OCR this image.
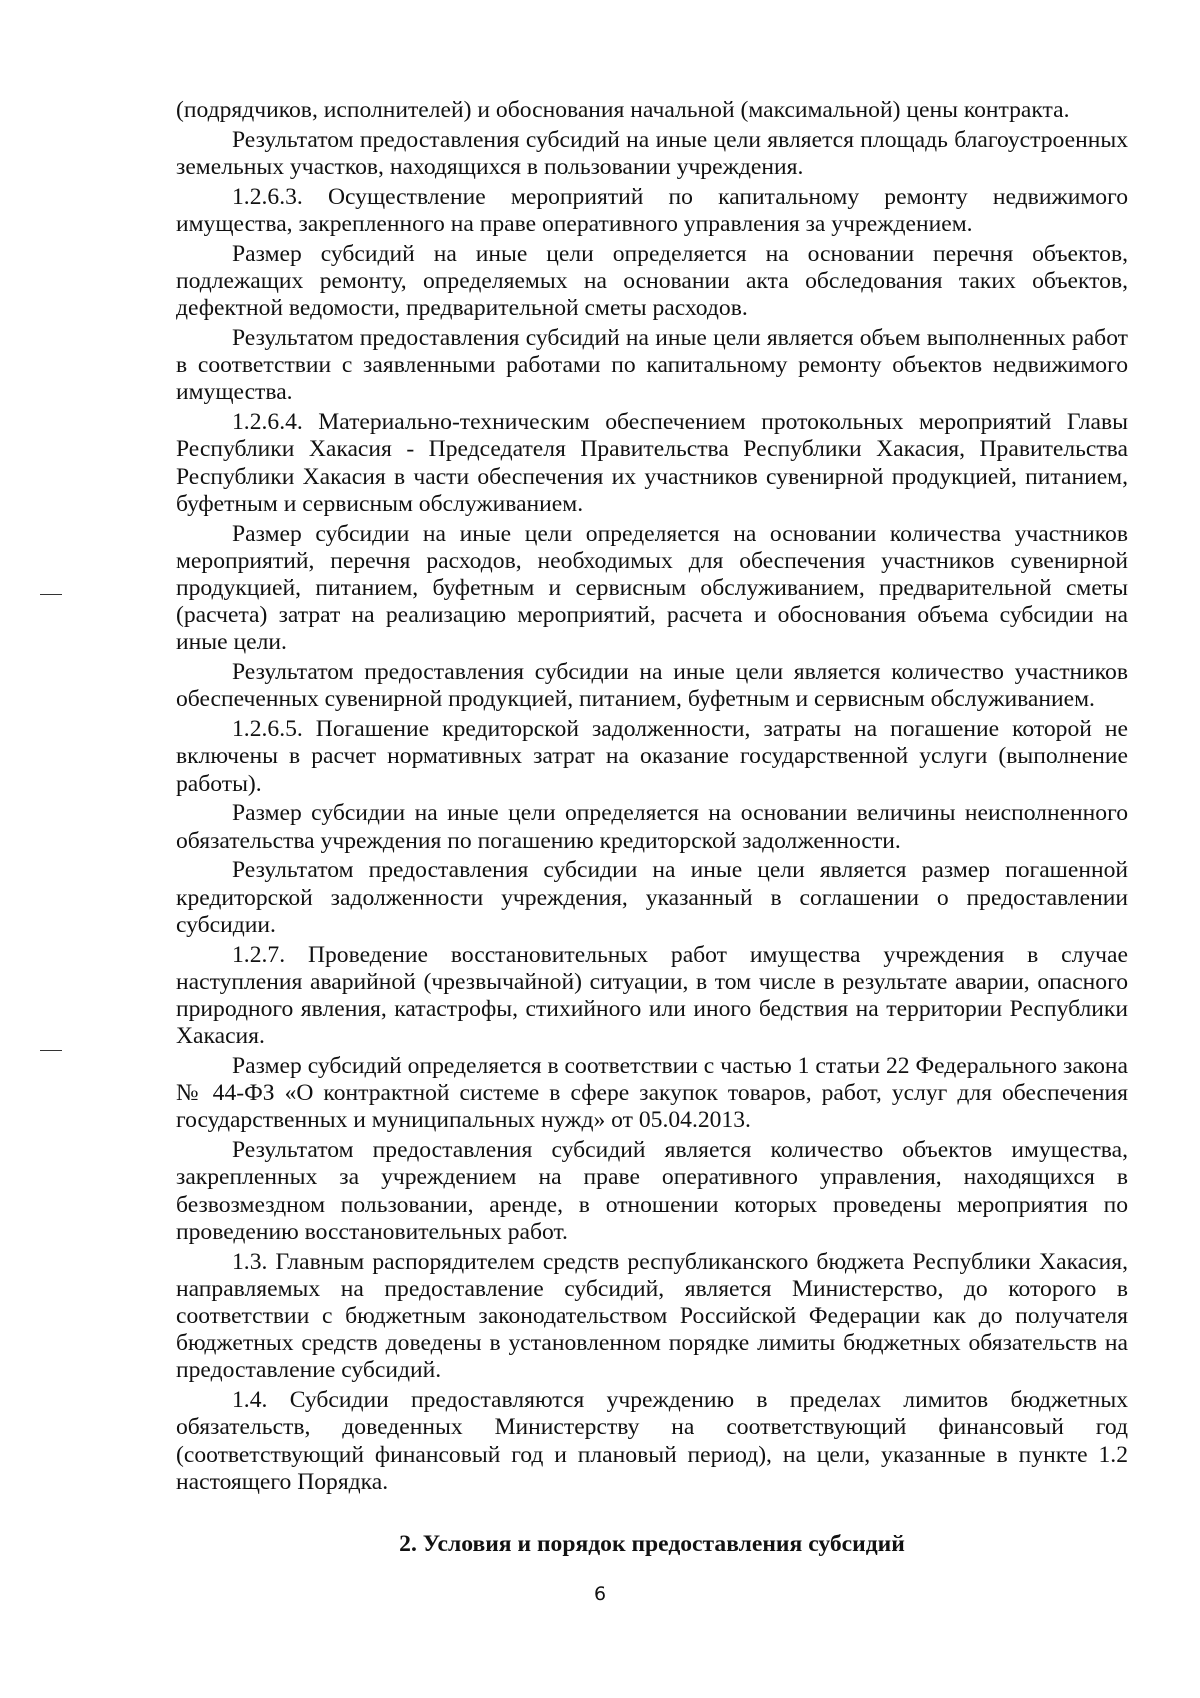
(подрядчиков, исполнителей) и обоснования начальной (максимальной) цены контракта.

Результатом предоставления субсидий на иные цели является площадь благоустроенных земельных участков, находящихся в пользовании учреждения.

1.2.6.3. Осуществление мероприятий по капитальному ремонту недвижимого имущества, закрепленного на праве оперативного управления за учреждением.

Размер субсидий на иные цели определяется на основании перечня объектов, подлежащих ремонту, определяемых на основании акта обследования таких объектов, дефектной ведомости, предварительной сметы расходов.

Результатом предоставления субсидий на иные цели является объем выполненных работ в соответствии с заявленными работами по капитальному ремонту объектов недвижимого имущества.

1.2.6.4. Материально-техническим обеспечением протокольных мероприятий Главы Республики Хакасия - Председателя Правительства Республики Хакасия, Правительства Республики Хакасия в части обеспечения их участников сувенирной продукцией, питанием, буфетным и сервисным обслуживанием.

Размер субсидии на иные цели определяется на основании количества участников мероприятий, перечня расходов, необходимых для обеспечения участников сувенирной продукцией, питанием, буфетным и сервисным обслуживанием, предварительной сметы (расчета) затрат на реализацию мероприятий, расчета и обоснования объема субсидии на иные цели.

Результатом предоставления субсидии на иные цели является количество участников обеспеченных сувенирной продукцией, питанием, буфетным и сервисным обслуживанием.

1.2.6.5. Погашение кредиторской задолженности, затраты на погашение которой не включены в расчет нормативных затрат на оказание государственной услуги (выполнение работы).

Размер субсидии на иные цели определяется на основании величины неисполненного обязательства учреждения по погашению кредиторской задолженности.

Результатом предоставления субсидии на иные цели является размер погашенной кредиторской задолженности учреждения, указанный в соглашении о предоставлении субсидии.

1.2.7. Проведение восстановительных работ имущества учреждения в случае наступления аварийной (чрезвычайной) ситуации, в том числе в результате аварии, опасного природного явления, катастрофы, стихийного или иного бедствия на территории Республики Хакасия.

Размер субсидий определяется в соответствии с частью 1 статьи 22 Федерального закона № 44-ФЗ «О контрактной системе в сфере закупок товаров, работ, услуг для обеспечения государственных и муниципальных нужд» от 05.04.2013.

Результатом предоставления субсидий является количество объектов имущества, закрепленных за учреждением на праве оперативного управления, находящихся в безвозмездном пользовании, аренде, в отношении которых проведены мероприятия по проведению восстановительных работ.

1.3. Главным распорядителем средств республиканского бюджета Республики Хакасия, направляемых на предоставление субсидий, является Министерство, до которого в соответствии с бюджетным законодательством Российской Федерации как до получателя бюджетных средств доведены в установленном порядке лимиты бюджетных обязательств на предоставление субсидий.

1.4. Субсидии предоставляются учреждению в пределах лимитов бюджетных обязательств, доведенных Министерству на соответствующий финансовый год (соответствующий финансовый год и плановый период), на цели, указанные в пункте 1.2 настоящего Порядка.

2. Условия и порядок предоставления субсидий
6
